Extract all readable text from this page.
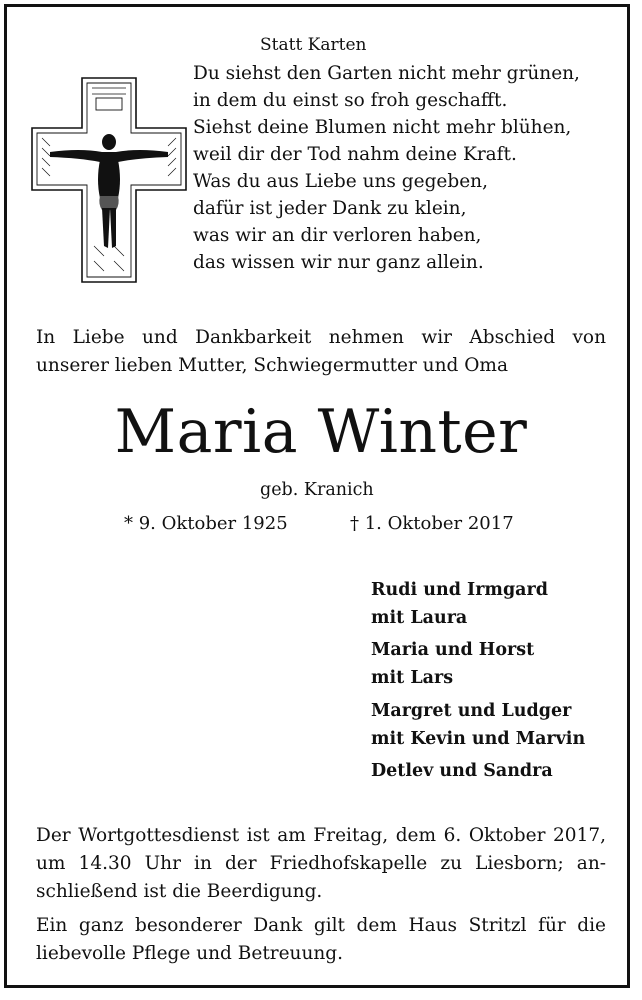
Statt Karten
Du siehst den Garten nicht mehr grünen,
in dem du einst so froh geschafft.
Siehst deine Blumen nicht mehr blühen,
weil dir der Tod nahm deine Kraft.
Was du aus Liebe uns gegeben,
dafür ist jeder Dank zu klein,
was wir an dir verloren haben,
das wissen wir nur ganz allein.
In Liebe und Dankbarkeit nehmen wir Abschied von
unserer lieben Mutter, Schwiegermutter und Oma
Maria Winter
geb. Kranich
* 9. Oktober 1925	† 1. Oktober 2017
Rudi und Irmgard
mit Laura
Maria und Horst
mit Lars
Margret und Ludger
mit Kevin und Marvin
Detlev und Sandra
Der Wortgottesdienst ist am Freitag, dem 6. Oktober 2017,
um 14.30 Uhr in der Friedhofskapelle zu Liesborn; an-
schließend ist die Beerdigung.
Ein ganz besonderer Dank gilt dem Haus Stritzl für die
liebevolle Pflege und Betreuung.
